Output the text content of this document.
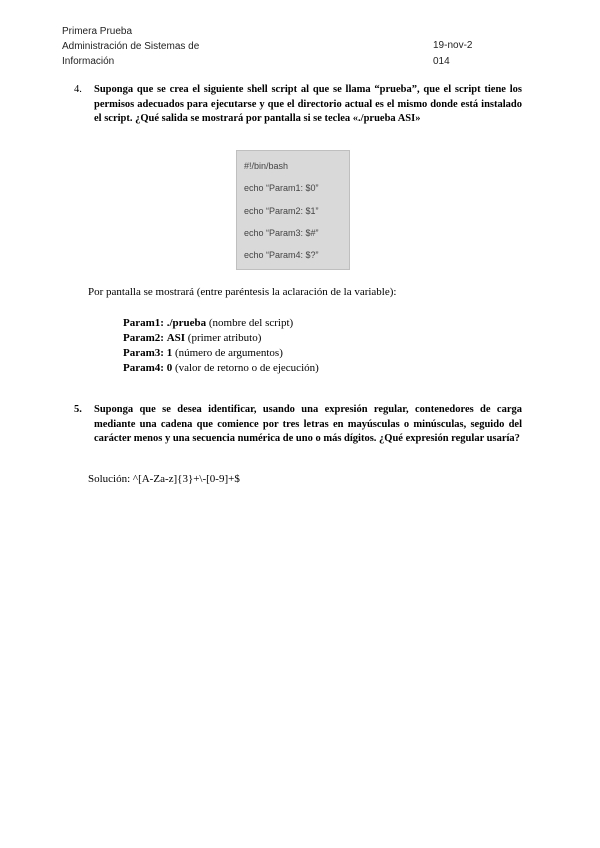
Primera Prueba
Administración de Sistemas de
Información
19-nov-2
014
4. Suponga que se crea el siguiente shell script al que se llama “prueba”, que el script tiene los permisos adecuados para ejecutarse y que el directorio actual es el mismo donde está instalado el script. ¿Qué salida se mostrará por pantalla si se teclea «./prueba ASI»
#!/bin/bash
echo “Param1: $0”
echo “Param2: $1”
echo “Param3: $#”
echo “Param4: $?”
Por pantalla se mostrará (entre paréntesis la aclaración de la variable):
Param1: ./prueba (nombre del script)
Param2: ASI (primer atributo)
Param3: 1 (número de argumentos)
Param4: 0 (valor de retorno o de ejecución)
5. Suponga que se desea identificar, usando una expresión regular, contenedores de carga mediante una cadena que comience por tres letras en mayúsculas o minúsculas, seguido del carácter menos y una secuencia numérica de uno o más dígitos. ¿Qué expresión regular usaría?
Solución: ^[A-Za-z]{3}+\-[0-9]+$
